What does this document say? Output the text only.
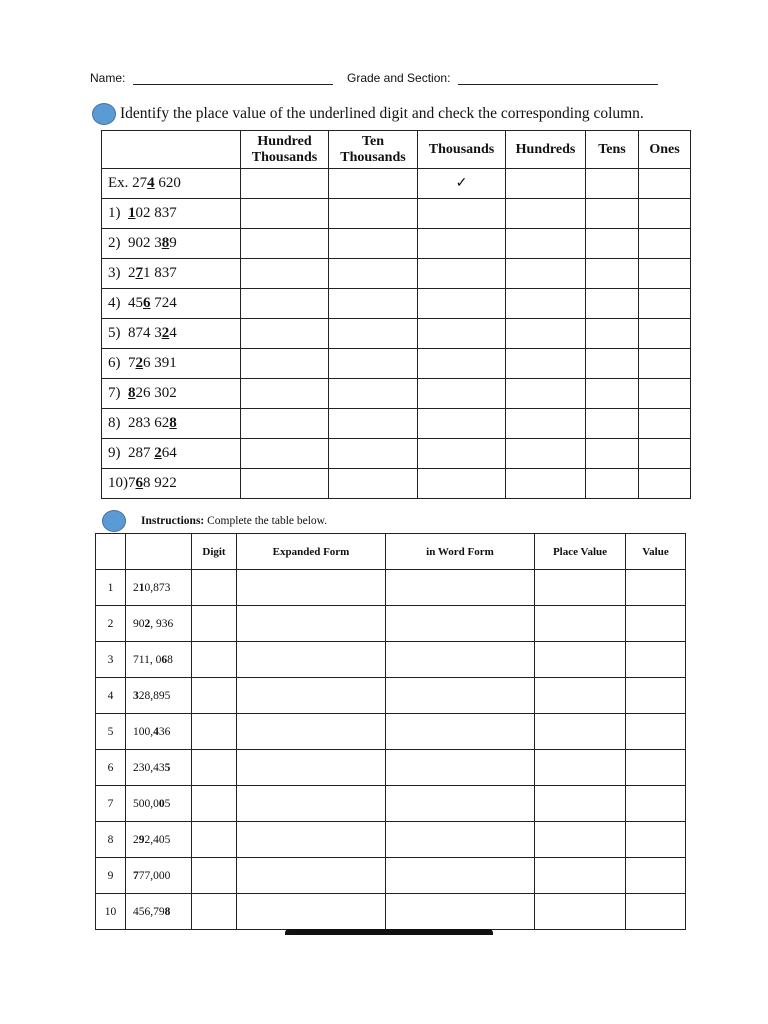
Name:	Grade and Section:
Identify the place value of the underlined digit and check the corresponding column.
	Hundred Thousands	Ten Thousands	Thousands	Hundreds	Tens	Ones
Ex. 274 620			✓			
1)  102 837						
2)  902 389						
3)  271 837						
4)  456 724						
5)  874 324						
6)  726 391						
7)  826 302						
8)  283 628						
9)  287 264						
10)768 922						
Instructions: Complete the table below.
		Digit	Expanded Form	in Word Form	Place Value	Value
1	210,873					
2	902, 936					
3	711, 068					
4	328,895					
5	100,436					
6	230,435					
7	500,005					
8	292,405					
9	777,000					
10	456,798					
